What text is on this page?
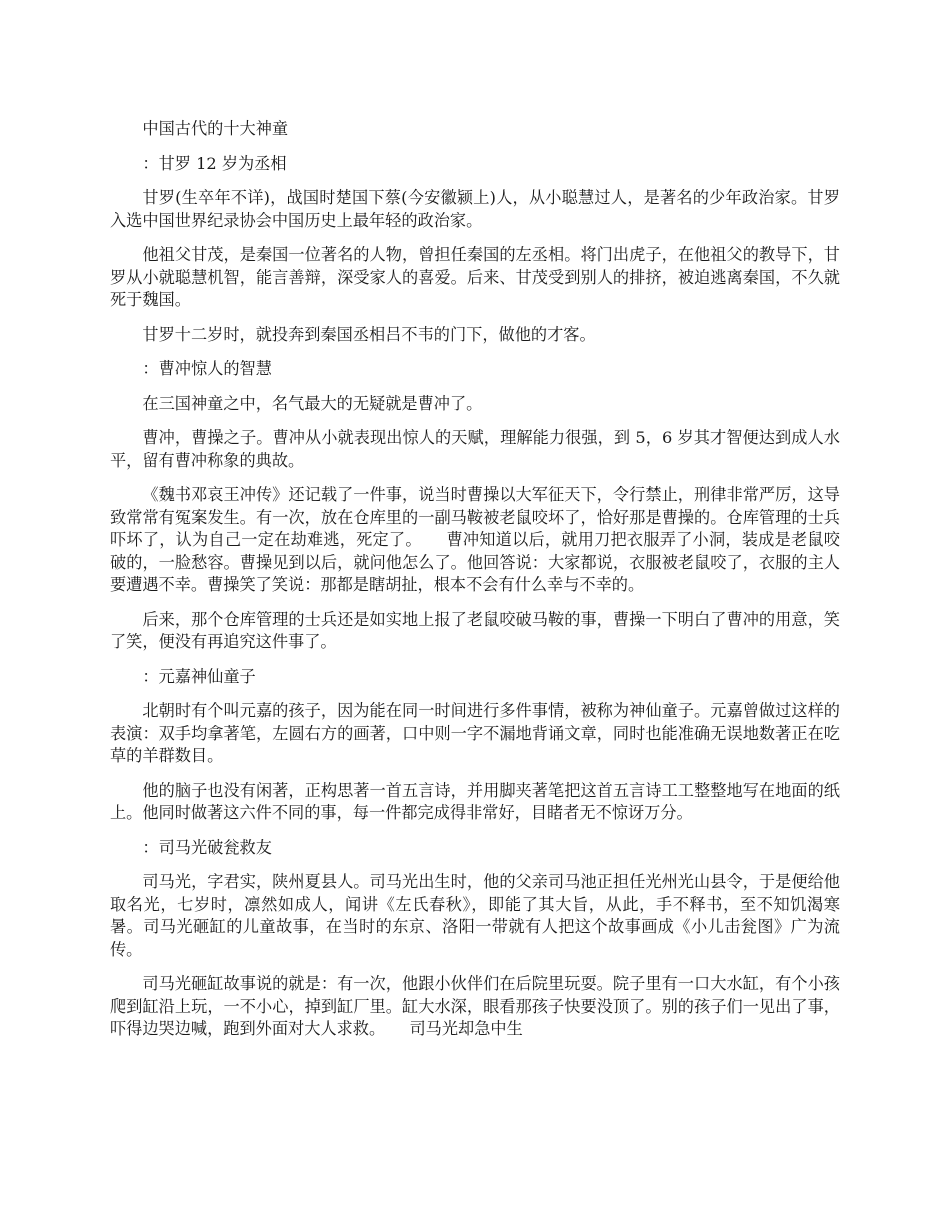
中国古代的十大神童

：甘罗 12 岁为丞相

甘罗(生卒年不详)，战国时楚国下蔡(今安徽颍上)人，从小聪慧过人，是著名的少年政治家。甘罗入选中国世界纪录协会中国历史上最年轻的政治家。

他祖父甘茂，是秦国一位著名的人物，曾担任秦国的左丞相。将门出虎子，在他祖父的教导下，甘罗从小就聪慧机智，能言善辩，深受家人的喜爱。后来、甘茂受到别人的排挤，被迫逃离秦国，不久就死于魏国。

甘罗十二岁时，就投奔到秦国丞相吕不韦的门下，做他的才客。

：曹冲惊人的智慧

在三国神童之中，名气最大的无疑就是曹冲了。

曹冲，曹操之子。曹冲从小就表现出惊人的天赋，理解能力很强，到 5，6 岁其才智便达到成人水平，留有曹冲称象的典故。

《魏书邓哀王冲传》还记载了一件事，说当时曹操以大军征天下，令行禁止，刑律非常严厉，这导致常常有冤案发生。有一次，放在仓库里的一副马鞍被老鼠咬坏了，恰好那是曹操的。仓库管理的士兵吓坏了，认为自己一定在劫难逃，死定了。　　曹冲知道以后，就用刀把衣服弄了小洞，装成是老鼠咬破的，一脸愁容。曹操见到以后，就问他怎么了。他回答说：大家都说，衣服被老鼠咬了，衣服的主人要遭遇不幸。曹操笑了笑说：那都是瞎胡扯，根本不会有什么幸与不幸的。

后来，那个仓库管理的士兵还是如实地上报了老鼠咬破马鞍的事，曹操一下明白了曹冲的用意，笑了笑，便没有再追究这件事了。

：元嘉神仙童子

北朝时有个叫元嘉的孩子，因为能在同一时间进行多件事情，被称为神仙童子。元嘉曾做过这样的表演：双手均拿著笔，左圆右方的画著，口中则一字不漏地背诵文章，同时也能准确无误地数著正在吃草的羊群数目。

他的脑子也没有闲著，正构思著一首五言诗，并用脚夹著笔把这首五言诗工工整整地写在地面的纸上。他同时做著这六件不同的事，每一件都完成得非常好，目睹者无不惊讶万分。

：司马光破瓮救友

司马光，字君实，陕州夏县人。司马光出生时，他的父亲司马池正担任光州光山县令，于是便给他取名光，七岁时，凛然如成人，闻讲《左氏春秋》，即能了其大旨，从此，手不释书，至不知饥渴寒暑。司马光砸缸的儿童故事，在当时的东京、洛阳一带就有人把这个故事画成《小儿击瓮图》广为流传。

司马光砸缸故事说的就是：有一次，他跟小伙伴们在后院里玩耍。院子里有一口大水缸，有个小孩爬到缸沿上玩，一不小心，掉到缸厂里。缸大水深，眼看那孩子快要没顶了。别的孩子们一见出了事，吓得边哭边喊，跑到外面对大人求救。　　司马光却急中生
